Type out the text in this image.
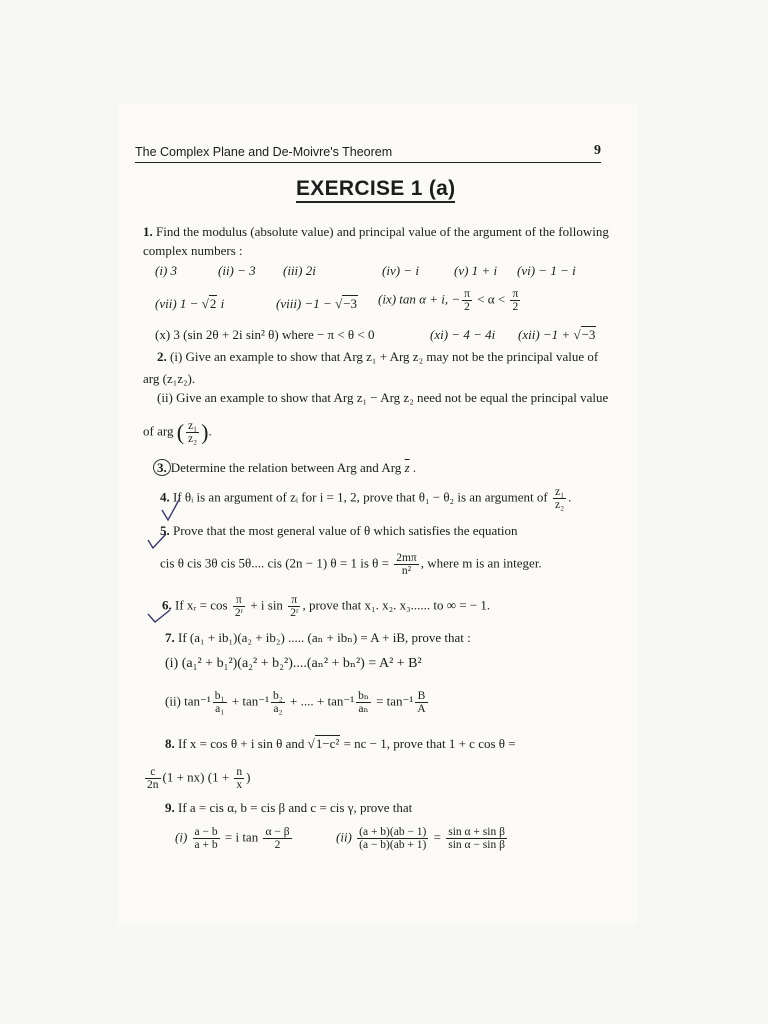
The Complex Plane and De-Moivre's Theorem	9
EXERCISE 1 (a)
1. Find the modulus (absolute value) and principal value of the argument of the following
complex numbers :
(i) 3	(ii) − 3 (iii) 2i	(iv) − i	(v) 1 + i (vi) − 1 − i
(vii) 1 − √2 i	(viii) −1 − √−3 (ix) tan α + i, − $\frac{\pi}{2} < \alpha < \frac{\pi}{2}$
(x) 3 (sin 2θ + 2i sin² θ) where − π < θ < 0	(xi) − 4 − 4i (xii) −1 + √−3
2. (i) Give an example to show that Arg z₁ + Arg z₂ may not be the principal value of
arg (z₁z₂).
(ii) Give an example to show that Arg z₁ − Arg z₂ need not be equal the principal value
of arg ( $\frac{\text{z₁}}{\text{z₂}}$ ).
3. Determine the relation between Arg and Arg $\overline{z}$ .
4. If θᵢ is an argument of zᵢ for i = 1, 2, prove that θ₁ − θ₂ is an argument of $\frac{\text{z₁}}{\text{z₂}}$ .
5. Prove that the most general value of θ which satisfies the equation
cis θ cis 3θ cis 5θ.... cis (2n − 1) θ = 1 is $\theta = \frac{2m\pi}{\text{n²}}$ , where m is an integer.
6. If xᵣ = $\cos \frac{\pi}{\text{2ʳ}} + i$ $\sin \frac{\pi}{\text{2ʳ}}$ , prove that x₁. x₂. x₃...... to ∞ = − 1.
7. If (a₁ + ib₁)(a₂ + ib₂) ..... (aₙ + ibₙ) = A + iB, prove that :
(i) (a₁² + b₁²)(a₂² + b₂²)....(aₙ² + bₙ²) = A² + B²
(ii) $\tan^{-1} \frac{\text{b₁}}{\text{a₁}} + \tan^{-1} \frac{\text{b₂}}{\text{a₂}}$ + .... + $\tan^{-1} \frac{\text{bₙ}}{\text{aₙ}} = \tan^{-1} \frac{B}{A}$
8. If x = cos θ + i sin θ and √1−c² = nc − 1, prove that 1 + c cos θ =
$\frac{c}{2n} (1 + nx) (1 + \frac{n}{x}$ )
9. If a = cis α, b = cis β and c = cis γ, prove that
$(i) \frac{a - b}{a + b} = i$ $\tan \frac{\alpha - \beta}{2}$	$(ii) \frac{(a + b)(ab - 1)}{(a - b)(ab + 1)} = \frac{\text{sin α + sin β}}{\text{sin α − sin β}}$
